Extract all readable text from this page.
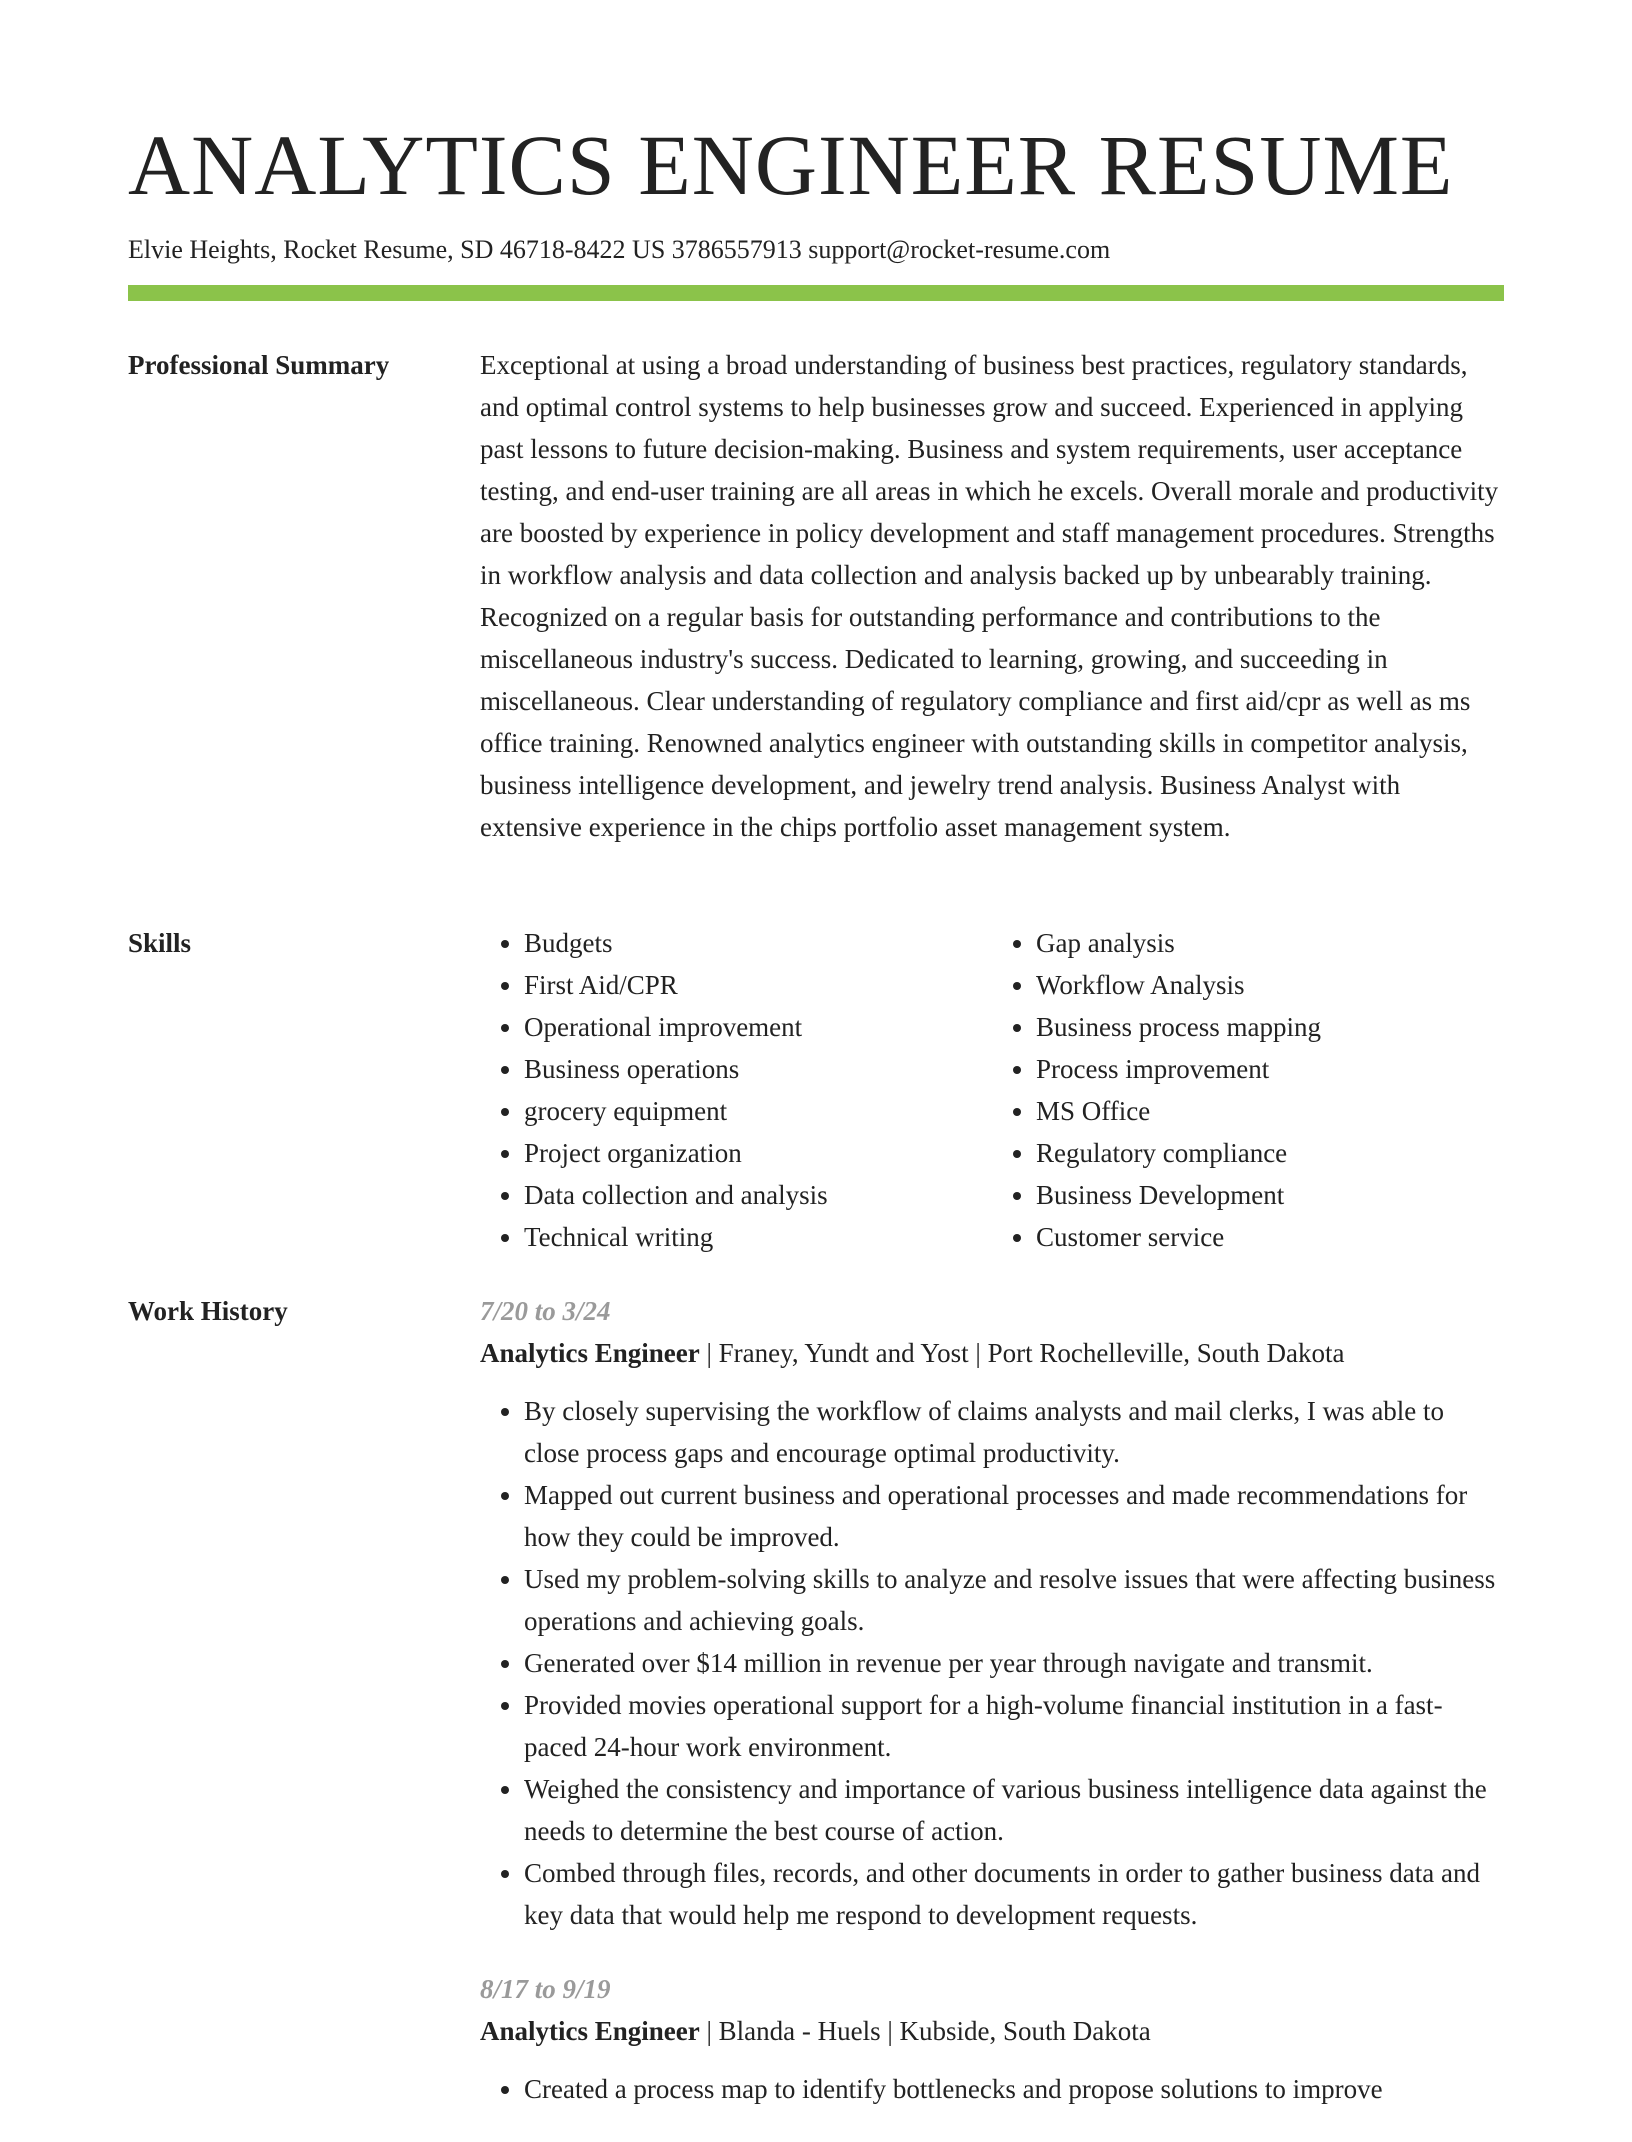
ANALYTICS ENGINEER RESUME
Elvie Heights, Rocket Resume, SD 46718-8422 US 3786557913 support@rocket-resume.com
Professional Summary	Exceptional at using a broad understanding of business best practices, regulatory standards, and optimal control systems to help businesses grow and succeed. Experienced in applying past lessons to future decision-making. Business and system requirements, user acceptance testing, and end-user training are all areas in which he excels. Overall morale and productivity are boosted by experience in policy development and staff management procedures. Strengths in workflow analysis and data collection and analysis backed up by unbearably training. Recognized on a regular basis for outstanding performance and contributions to the miscellaneous industry's success. Dedicated to learning, growing, and succeeding in miscellaneous. Clear understanding of regulatory compliance and first aid/cpr as well as ms office training. Renowned analytics engineer with outstanding skills in competitor analysis, business intelligence development, and jewelry trend analysis. Business Analyst with extensive experience in the chips portfolio asset management system.

Skills
•	Budgets
• First Aid/CPR
• Operational improvement
• Business operations
• grocery equipment
• Project organization
• Data collection and analysis
• Technical writing
• Gap analysis
• Workflow Analysis
• Business process mapping
• Process improvement
• MS Office
• Regulatory compliance
• Business Development
• Customer service
Work History	7/20 to 3/24
Analytics Engineer | Franey, Yundt and Yost | Port Rochelleville, South Dakota
• By closely supervising the workflow of claims analysts and mail clerks, I was able to close process gaps and encourage optimal productivity.
• Mapped out current business and operational processes and made recommendations for how they could be improved.
• Used my problem-solving skills to analyze and resolve issues that were affecting business operations and achieving goals.
• Generated over $14 million in revenue per year through navigate and transmit.
• Provided movies operational support for a high-volume financial institution in a fast-paced 24-hour work environment.
• Weighed the consistency and importance of various business intelligence data against the needs to determine the best course of action.
• Combed through files, records, and other documents in order to gather business data and key data that would help me respond to development requests.
8/17 to 9/19
Analytics Engineer | Blanda - Huels | Kubside, South Dakota
• Created a process map to identify bottlenecks and propose solutions to improve
